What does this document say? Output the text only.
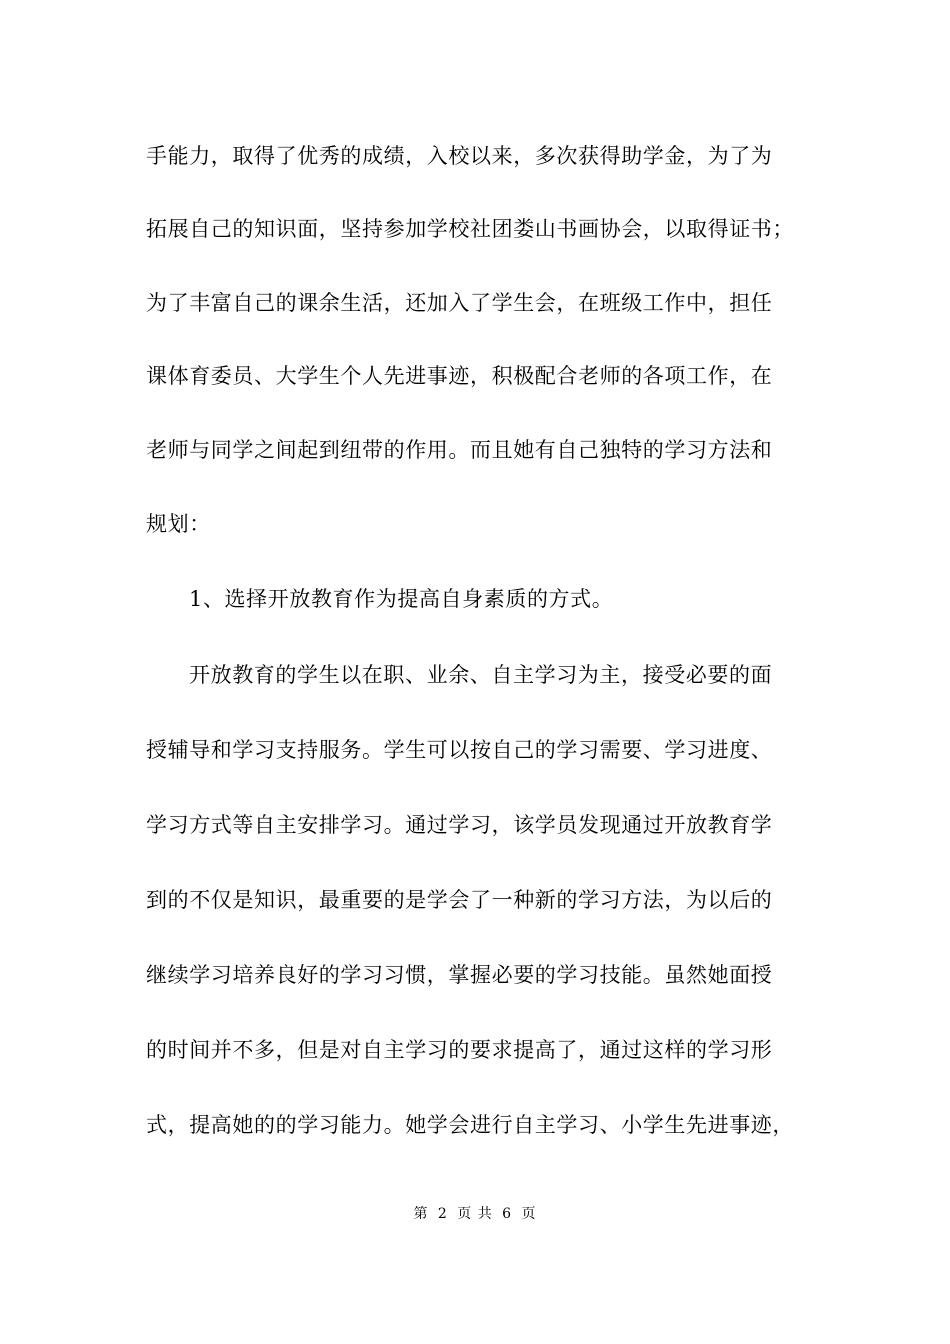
手能力，取得了优秀的成绩，入校以来，多次获得助学金，为了为
拓展自己的知识面，坚持参加学校社团娄山书画协会，以取得证书；
为了丰富自己的课余生活，还加入了学生会，在班级工作中，担任
课体育委员、大学生个人先进事迹，积极配合老师的各项工作，在
老师与同学之间起到纽带的作用。而且她有自己独特的学习方法和
规划：
1、选择开放教育作为提高自身素质的方式。
开放教育的学生以在职、业余、自主学习为主，接受必要的面
授辅导和学习支持服务。学生可以按自己的学习需要、学习进度、
学习方式等自主安排学习。通过学习，该学员发现通过开放教育学
到的不仅是知识，最重要的是学会了一种新的学习方法，为以后的
继续学习培养良好的学习习惯，掌握必要的学习技能。虽然她面授
的时间并不多，但是对自主学习的要求提高了，通过这样的学习形
式，提高她的的学习能力。她学会进行自主学习、小学生先进事迹，
第 2 页 共 6 页
